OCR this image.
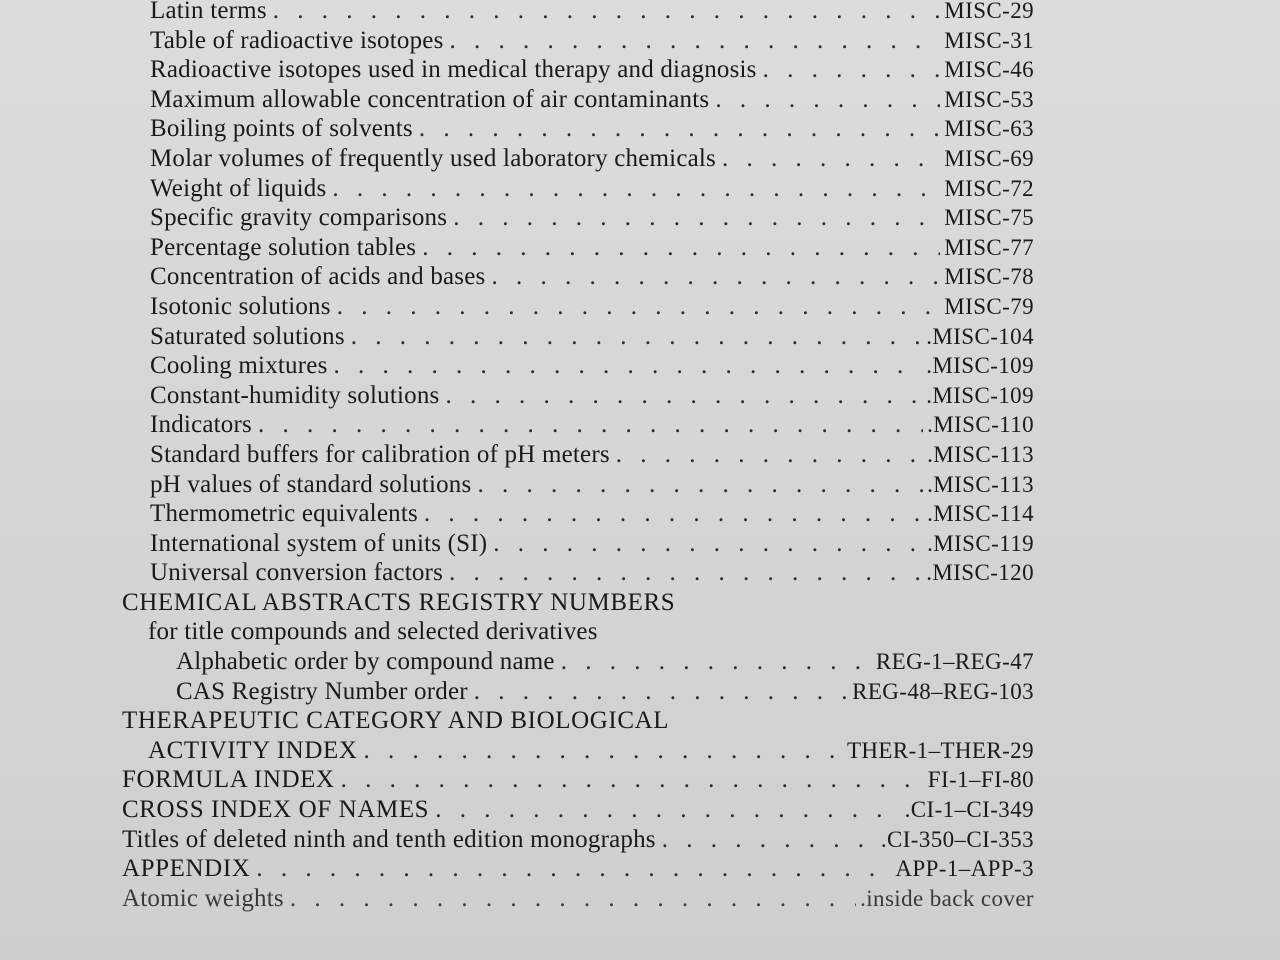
Latin terms . . .	MISC-29
Table of radioactive isotopes . . .	MISC-31
Radioactive isotopes used in medical therapy and diagnosis . . .	MISC-46
Maximum allowable concentration of air contaminants . . .	MISC-53
Boiling points of solvents . . .	MISC-63
Molar volumes of frequently used laboratory chemicals . . .	MISC-69
Weight of liquids . . .	MISC-72
Specific gravity comparisons . . .	MISC-75
Percentage solution tables . . .	MISC-77
Concentration of acids and bases . . .	MISC-78
Isotonic solutions . . .	MISC-79
Saturated solutions . . .	.MISC-104
Cooling mixtures . . .	.MISC-109
Constant-humidity solutions . . .	.MISC-109
Indicators . . .	.MISC-110
Standard buffers for calibration of pH meters . . .	.MISC-113
pH values of standard solutions . . .	.MISC-113
Thermometric equivalents . . .	.MISC-114
International system of units (SI) . . .	.MISC-119
Universal conversion factors . . .	.MISC-120
CHEMICAL ABSTRACTS REGISTRY NUMBERS
for title compounds and selected derivatives
Alphabetic order by compound name . . .	REG-1–REG-47
CAS Registry Number order . . .	REG-48–REG-103
THERAPEUTIC CATEGORY AND BIOLOGICAL
ACTIVITY INDEX . . .	THER-1–THER-29
FORMULA INDEX . . .	FI-1–FI-80
CROSS INDEX OF NAMES . . .	.CI-1–CI-349
Titles of deleted ninth and tenth edition monographs . . .	.CI-350–CI-353
APPENDIX . . .	APP-1–APP-3
Atomic weights . . .	.inside back cover
